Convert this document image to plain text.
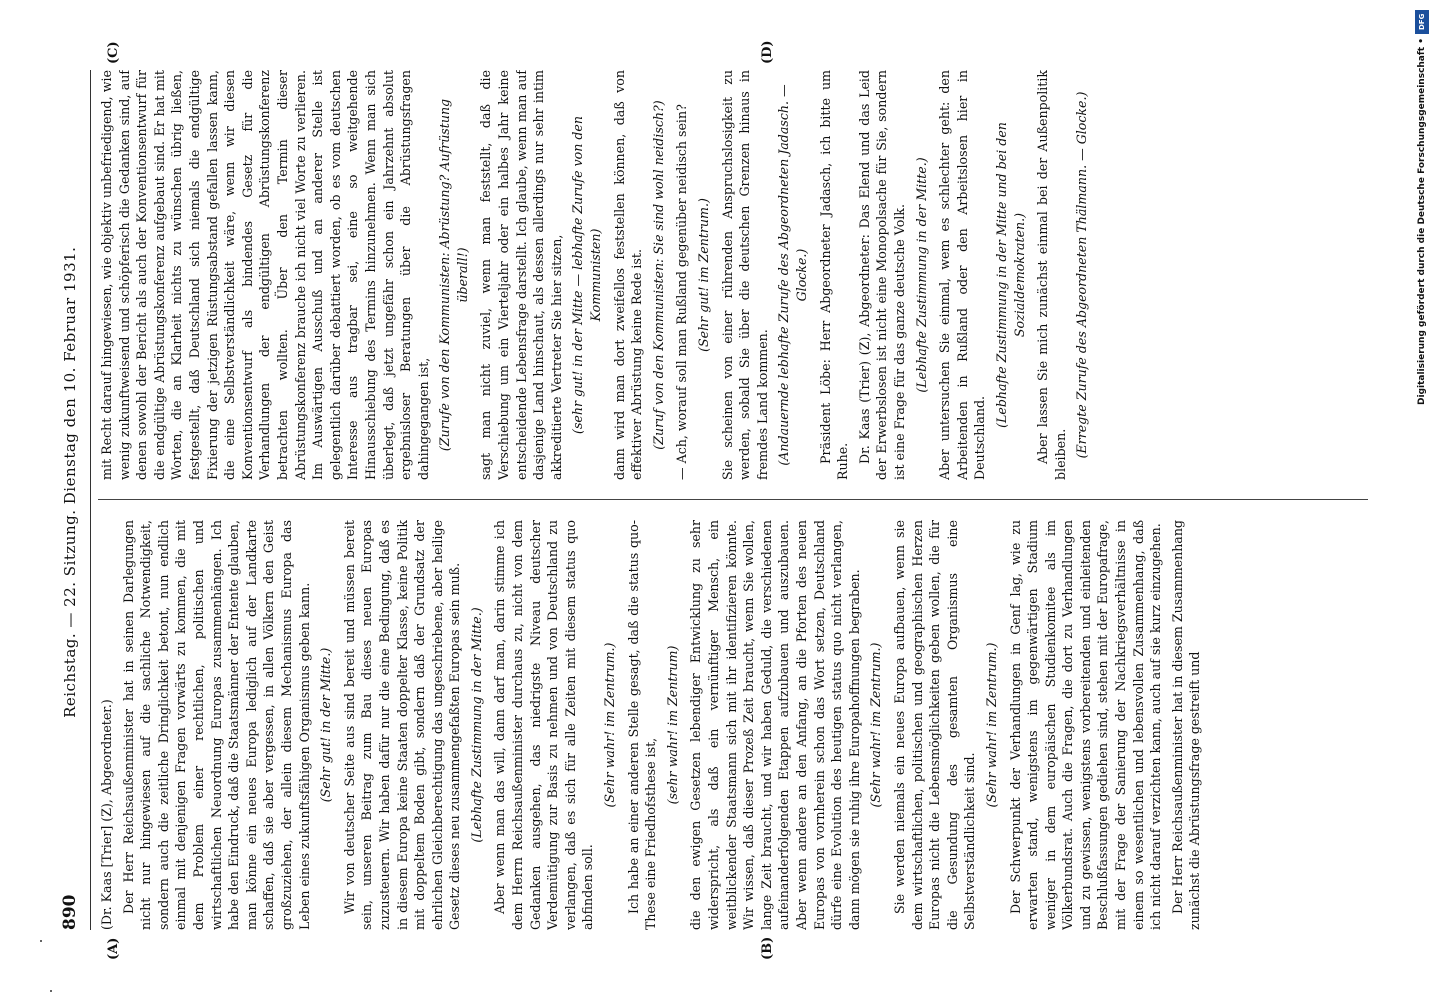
890
Reichstag. — 22. Sitzung. Dienstag den 10. Februar 1931.

(Dr. Kaas [Trier] (Z), Abgeordneter.) Der Herr Reichsaußenminister hat in seinen Darlegungen nicht nur hingewiesen auf die sachliche Notwendigkeit, sondern auch die zeitliche Dringlichkeit betont, nun endlich einmal mit denjenigen Fragen vorwärts zu kommen, die mit dem Problem einer rechtlichen, politischen und wirtschaftlichen Neuordnung Europas zusammenhängen. Ich habe den Eindruck, daß die Staatsmänner der Entente glauben, man könne ein neues Europa lediglich auf der Landkarte schaffen, daß sie aber vergessen, in allen Völkern den Geist großzuziehen, der allein diesem Mechanismus Europa das Leben eines zukunftsfähigen Organismus geben kann. (Sehr gut! in der Mitte.) Wir von deutscher Seite aus sind bereit und müssen bereit sein, unseren Beitrag zum Bau dieses neuen Europas zuzusteuern. Wir haben dafür nur die eine Bedingung, daß es in diesem Europa keine Staaten doppelter Klasse, keine Politik mit doppeltem Boden gibt, sondern daß der Grundsatz der ehrlichen Gleichberechtigung das ungeschriebene, aber heilige Gesetz dieses neu zusammengefaßten Europas sein muß. (Lebhafte Zustimmung in der Mitte.) Aber wenn man das will, dann darf man, darin stimme ich dem Herrn Reichsaußenminister durchaus zu, nicht von dem Gedanken ausgehen, das niedrigste Niveau deutscher Verdemütigung zur Basis zu nehmen und von Deutschland zu verlangen, daß es sich für alle Zeiten mit diesem status quo abfinden soll.

(Sehr wahr! im Zentrum.) Ich habe an einer anderen Stelle gesagt, daß die status quo-These eine Friedhofsthese ist,

(sehr wahr! im Zentrum) die den ewigen Gesetzen lebendiger Entwicklung zu sehr widerspricht, als daß ein vernünftiger Mensch, ein weitblickender Staatsmann sich mit ihr identifizieren könnte. Wir wissen, daß dieser Prozeß Zeit braucht, wenn Sie wollen, lange Zeit braucht, und wir haben Geduld, die verschiedenen aufeinanderfolgenden Etappen aufzubauen und auszubauen. Aber wenn andere an den Anfang, an die Pforten des neuen Europas von vornherein schon das Wort setzen, Deutschland dürfe eine Evolution des heutigen status quo nicht verlangen, dann mögen sie ruhig ihre Europahoffnungen begraben. (Sehr wahr! im Zentrum.) Sie werden niemals ein neues Europa aufbauen, wenn sie dem wirtschaftlichen, politischen und geographischen Herzen Europas nicht die Lebensmöglichkeiten geben wollen, die für die Gesundung des gesamten Organismus eine Selbstverständlichkeit sind.

(Sehr wahr! im Zentrum.) Der Schwerpunkt der Verhandlungen in Genf lag, wie zu erwarten stand, wenigstens im gegenwärtigen Stadium weniger in dem europäischen Studienkomitee als im Völkerbundsrat. Auch die Fragen, die dort zu Verhandlungen und zu gewissen, wenigstens vorbereitenden und einleitenden Beschlußfassungen gediehen sind, stehen mit der Europafrage, mit der Frage der Sanierung der Nachkriegsverhältnisse in einem so wesentlichen und lebensvollen Zusammenhang, daß ich nicht darauf verzichten kann, auch auf sie kurz einzugehen. Der Herr Reichsaußenminister hat in diesem Zusammenhang zunächst die Abrüstungsfrage gestreift und

mit Recht darauf hingewiesen, wie objektiv unbefriedigend, wie wenig zukunftweisend und schöpferisch die Gedanken sind, auf denen sowohl der Bericht als auch der Konventionsentwurf für die endgültige Abrüstungskonferenz aufgebaut sind. Er hat mit Worten, die an Klarheit nichts zu wünschen übrig ließen, festgestellt, daß Deutschland sich niemals die endgültige Fixierung der jetzigen Rüstungsabstand gefallen lassen kann, die eine Selbstverständlichkeit wäre, wenn wir diesen Konventionsentwurf als bindendes Gesetz für die Verhandlungen der endgültigen Abrüstungskonferenz betrachten wollten. Über den Termin dieser Abrüstungskonferenz brauche ich nicht viel Worte zu verlieren. Im Auswärtigen Ausschuß und an anderer Stelle ist gelegentlich darüber debattiert worden, ob es vom deutschen Interesse aus tragbar sei, eine so weitgehende Hinausschiebung des Termins hinzunehmen. Wenn man sich überlegt, daß jetzt ungefähr schon ein Jahrzehnt absolut ergebnisloser Beratungen über die Abrüstungsfragen dahingegangen ist, (Zurufe von den Kommunisten: Abrüstung? Aufrüstung überall!) sagt man nicht zuviel, wenn man feststellt, daß die Verschiebung um ein Vierteljahr oder ein halbes Jahr keine entscheidende Lebensfrage darstellt. Ich glaube, wenn man auf dasjenige Land hinschaut, als dessen allerdings nur sehr intim akkreditierte Vertreter Sie hier sitzen, (sehr gut! in der Mitte — lebhafte Zurufe von den Kommunisten) dann wird man dort zweifellos feststellen können, daß von effektiver Abrüstung keine Rede ist. (Zuruf von den Kommunisten: Sie sind wohl neidisch?) — Ach, worauf soll man Rußland gegenüber neidisch sein? (Sehr gut! im Zentrum.) Sie scheinen von einer rührenden Anspruchslosigkeit zu werden, sobald Sie über die deutschen Grenzen hinaus in fremdes Land kommen. (Andauernde lebhafte Zurufe des Abgeordneten Jadasch. — Glocke.) Präsident Löbe: Herr Abgeordneter Jadasch, ich bitte um Ruhe. Dr. Kaas (Trier) (Z), Abgeordneter: Das Elend und das Leid der Erwerbslosen ist nicht eine Monopolsache für Sie, sondern ist eine Frage für das ganze deutsche Volk. (Lebhafte Zustimmung in der Mitte.) Aber untersuchen Sie einmal, wem es schlechter geht: den Arbeitenden in Rußland oder den Arbeitslosen hier in Deutschland.

(Lebhafte Zustimmung in der Mitte und bei den Sozialdemokraten.) Aber lassen Sie mich zunächst einmal bei der Außenpolitik bleiben. (Erregte Zurufe des Abgeordneten Thälmann. — Glocke.)

(A)	(B)
(C)	(D)
DFG
Digitalisierung gefördert durch die Deutsche Forschungsgemeinschaft •
